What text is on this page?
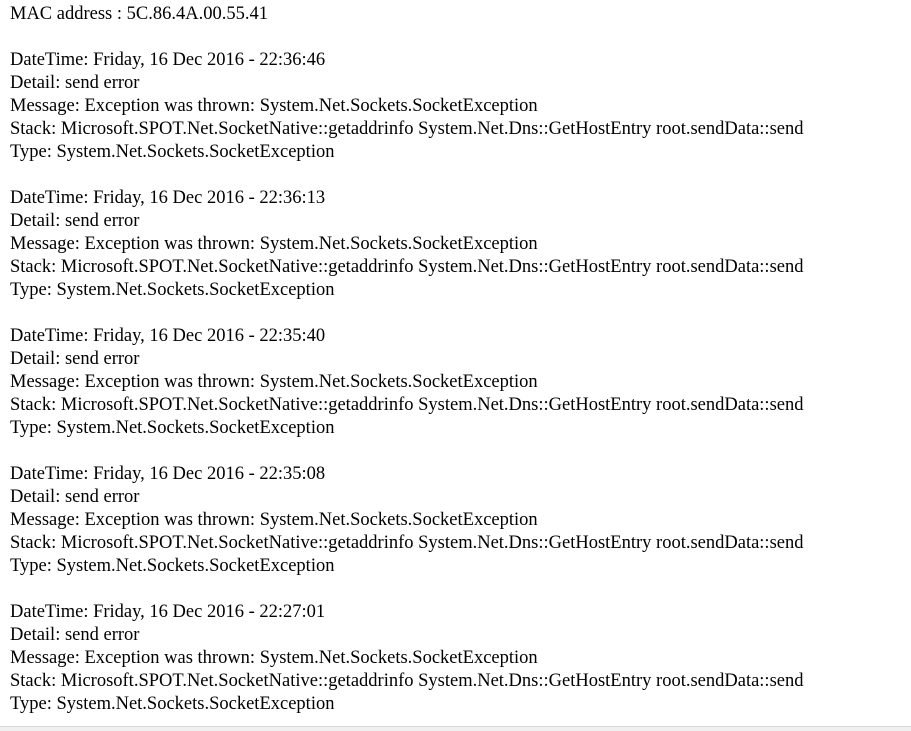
MAC address : 5C.86.4A.00.55.41
DateTime: Friday, 16 Dec 2016 - 22:36:46
Detail: send error
Message: Exception was thrown: System.Net.Sockets.SocketException
Stack: Microsoft.SPOT.Net.SocketNative::getaddrinfo System.Net.Dns::GetHostEntry root.sendData::send
Type: System.Net.Sockets.SocketException
DateTime: Friday, 16 Dec 2016 - 22:36:13
Detail: send error
Message: Exception was thrown: System.Net.Sockets.SocketException
Stack: Microsoft.SPOT.Net.SocketNative::getaddrinfo System.Net.Dns::GetHostEntry root.sendData::send
Type: System.Net.Sockets.SocketException
DateTime: Friday, 16 Dec 2016 - 22:35:40
Detail: send error
Message: Exception was thrown: System.Net.Sockets.SocketException
Stack: Microsoft.SPOT.Net.SocketNative::getaddrinfo System.Net.Dns::GetHostEntry root.sendData::send
Type: System.Net.Sockets.SocketException
DateTime: Friday, 16 Dec 2016 - 22:35:08
Detail: send error
Message: Exception was thrown: System.Net.Sockets.SocketException
Stack: Microsoft.SPOT.Net.SocketNative::getaddrinfo System.Net.Dns::GetHostEntry root.sendData::send
Type: System.Net.Sockets.SocketException
DateTime: Friday, 16 Dec 2016 - 22:27:01
Detail: send error
Message: Exception was thrown: System.Net.Sockets.SocketException
Stack: Microsoft.SPOT.Net.SocketNative::getaddrinfo System.Net.Dns::GetHostEntry root.sendData::send
Type: System.Net.Sockets.SocketException
